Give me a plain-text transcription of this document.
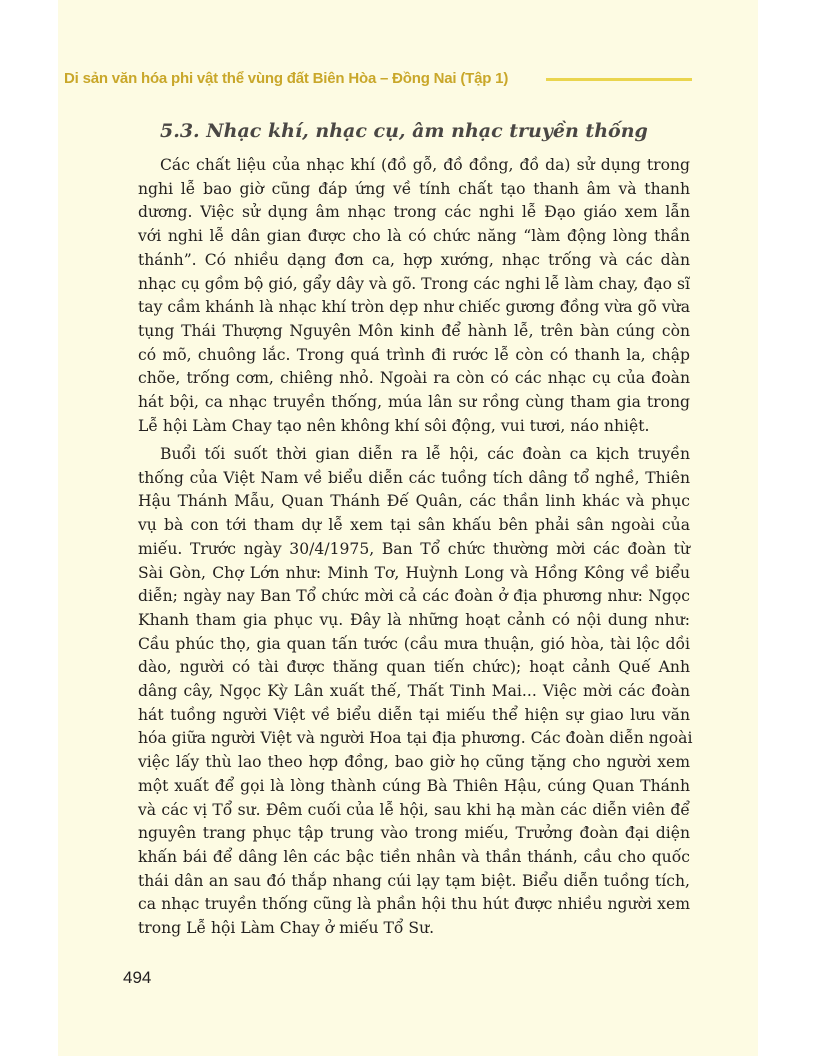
Di sản văn hóa phi vật thể vùng đất Biên Hòa – Đồng Nai (Tập 1)
5.3. Nhạc khí, nhạc cụ, âm nhạc truyền thống
Các chất liệu của nhạc khí (đồ gỗ, đồ đồng, đồ da) sử dụng trong
nghi lễ bao giờ cũng đáp ứng về tính chất tạo thanh âm và thanh
dương. Việc sử dụng âm nhạc trong các nghi lễ Đạo giáo xem lẫn
với nghi lễ dân gian được cho là có chức năng “làm động lòng thần
thánh”. Có nhiều dạng đơn ca, hợp xướng, nhạc trống và các dàn
nhạc cụ gồm bộ gió, gẩy dây và gõ. Trong các nghi lễ làm chay, đạo sĩ
tay cầm khánh là nhạc khí tròn dẹp như chiếc gương đồng vừa gõ vừa
tụng Thái Thượng Nguyên Môn kinh để hành lễ, trên bàn cúng còn
có mõ, chuông lắc. Trong quá trình đi rước lễ còn có thanh la, chập
chõe, trống cơm, chiêng nhỏ. Ngoài ra còn có các nhạc cụ của đoàn
hát bội, ca nhạc truyền thống, múa lân sư rồng cùng tham gia trong
Lễ hội Làm Chay tạo nên không khí sôi động, vui tươi, náo nhiệt.
Buổi tối suốt thời gian diễn ra lễ hội, các đoàn ca kịch truyền
thống của Việt Nam về biểu diễn các tuồng tích dâng tổ nghề, Thiên
Hậu Thánh Mẫu, Quan Thánh Đế Quân, các thần linh khác và phục
vụ bà con tới tham dự lễ xem tại sân khấu bên phải sân ngoài của
miếu. Trước ngày 30/4/1975, Ban Tổ chức thường mời các đoàn từ
Sài Gòn, Chợ Lớn như: Minh Tơ, Huỳnh Long và Hồng Kông về biểu
diễn; ngày nay Ban Tổ chức mời cả các đoàn ở địa phương như: Ngọc
Khanh tham gia phục vụ. Đây là những hoạt cảnh có nội dung như:
Cầu phúc thọ, gia quan tấn tước (cầu mưa thuận, gió hòa, tài lộc dồi
dào, người có tài được thăng quan tiến chức); hoạt cảnh Quế Anh
dâng cây, Ngọc Kỳ Lân xuất thế, Thất Tinh Mai... Việc mời các đoàn
hát tuồng người Việt về biểu diễn tại miếu thể hiện sự giao lưu văn
hóa giữa người Việt và người Hoa tại địa phương. Các đoàn diễn ngoài
việc lấy thù lao theo hợp đồng, bao giờ họ cũng tặng cho người xem
một xuất để gọi là lòng thành cúng Bà Thiên Hậu, cúng Quan Thánh
và các vị Tổ sư. Đêm cuối của lễ hội, sau khi hạ màn các diễn viên để
nguyên trang phục tập trung vào trong miếu, Trưởng đoàn đại diện
khấn bái để dâng lên các bậc tiền nhân và thần thánh, cầu cho quốc
thái dân an sau đó thắp nhang cúi lạy tạm biệt. Biểu diễn tuồng tích,
ca nhạc truyền thống cũng là phần hội thu hút được nhiều người xem
trong Lễ hội Làm Chay ở miếu Tổ Sư.
494
